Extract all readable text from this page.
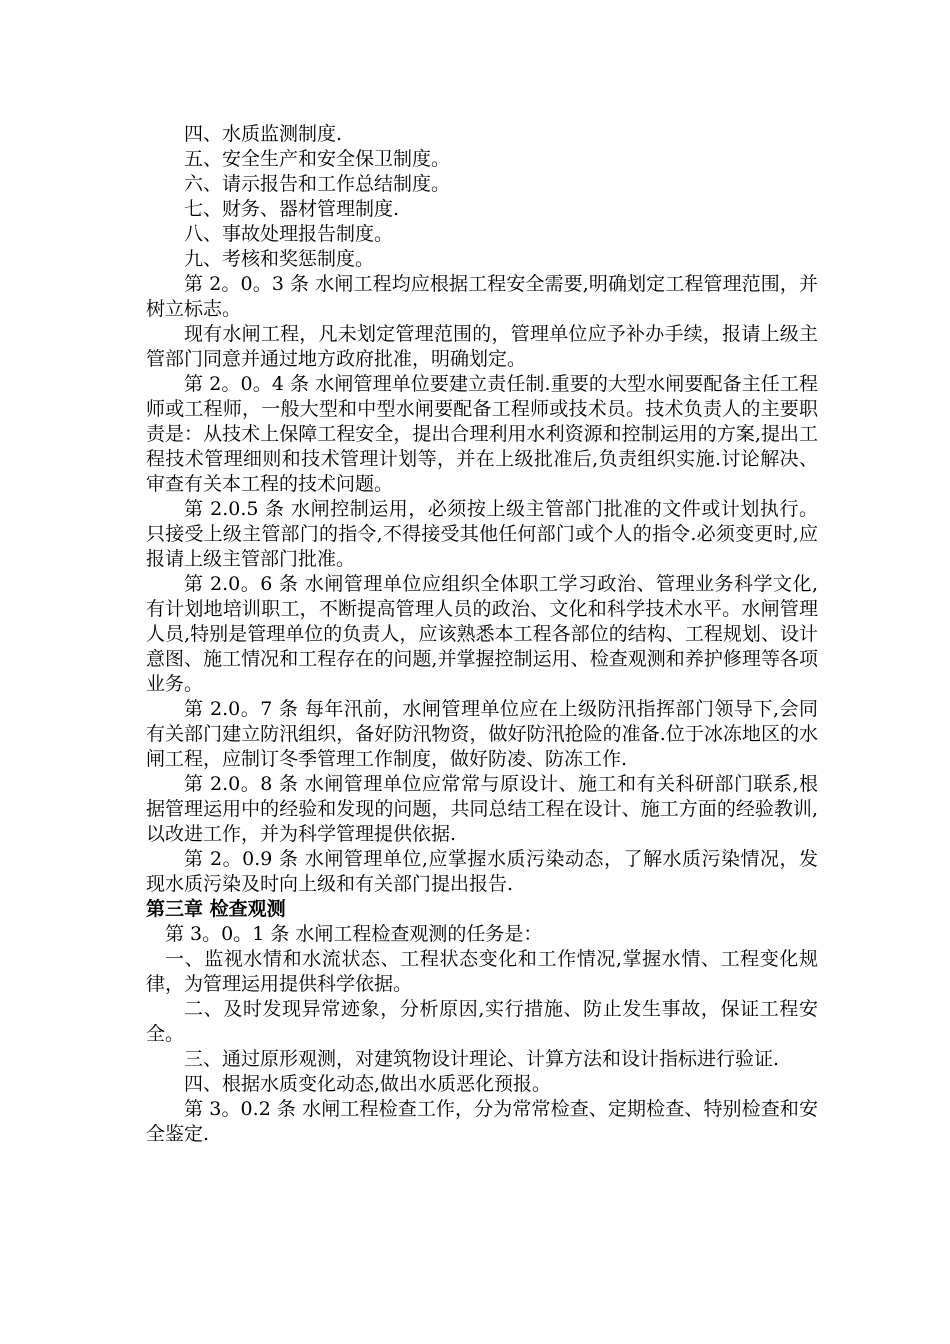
四、水质监测制度.

五、安全生产和安全保卫制度。

六、请示报告和工作总结制度。

七、财务、器材管理制度.

八、事故处理报告制度。

九、考核和奖惩制度。

第 2。0。3 条 水闸工程均应根据工程安全需要,明确划定工程管理范围，并树立标志。

现有水闸工程，凡未划定管理范围的，管理单位应予补办手续，报请上级主管部门同意并通过地方政府批准，明确划定。

第 2。0。4 条 水闸管理单位要建立责任制.重要的大型水闸要配备主任工程师或工程师，一般大型和中型水闸要配备工程师或技术员。技术负责人的主要职责是：从技术上保障工程安全，提出合理利用水利资源和控制运用的方案,提出工程技术管理细则和技术管理计划等，并在上级批准后,负责组织实施.讨论解决、审查有关本工程的技术问题。

第 2.0.5 条 水闸控制运用，必须按上级主管部门批准的文件或计划执行。只接受上级主管部门的指令,不得接受其他任何部门或个人的指令.必须变更时,应报请上级主管部门批准。

第 2.0。6 条 水闸管理单位应组织全体职工学习政治、管理业务科学文化,有计划地培训职工，不断提高管理人员的政治、文化和科学技术水平。水闸管理人员,特别是管理单位的负责人，应该熟悉本工程各部位的结构、工程规划、设计意图、施工情况和工程存在的问题,并掌握控制运用、检查观测和养护修理等各项业务。

第 2.0。7 条 每年汛前，水闸管理单位应在上级防汛指挥部门领导下,会同有关部门建立防汛组织，备好防汛物资，做好防汛抢险的准备.位于冰冻地区的水闸工程，应制订冬季管理工作制度，做好防凌、防冻工作.

第 2.0。8 条 水闸管理单位应常常与原设计、施工和有关科研部门联系,根据管理运用中的经验和发现的问题，共同总结工程在设计、施工方面的经验教训,以改进工作，并为科学管理提供依据.

第 2。0.9 条 水闸管理单位,应掌握水质污染动态，了解水质污染情况，发现水质污染及时向上级和有关部门提出报告.

第三章 检查观测

第 3。0。1 条 水闸工程检查观测的任务是：

一、监视水情和水流状态、工程状态变化和工作情况,掌握水情、工程变化规律，为管理运用提供科学依据。

二、及时发现异常迹象，分析原因,实行措施、防止发生事故，保证工程安全。

三、通过原形观测，对建筑物设计理论、计算方法和设计指标进行验证.

四、根据水质变化动态,做出水质恶化预报。

第 3。0.2 条 水闸工程检查工作，分为常常检查、定期检查、特别检查和安全鉴定.
